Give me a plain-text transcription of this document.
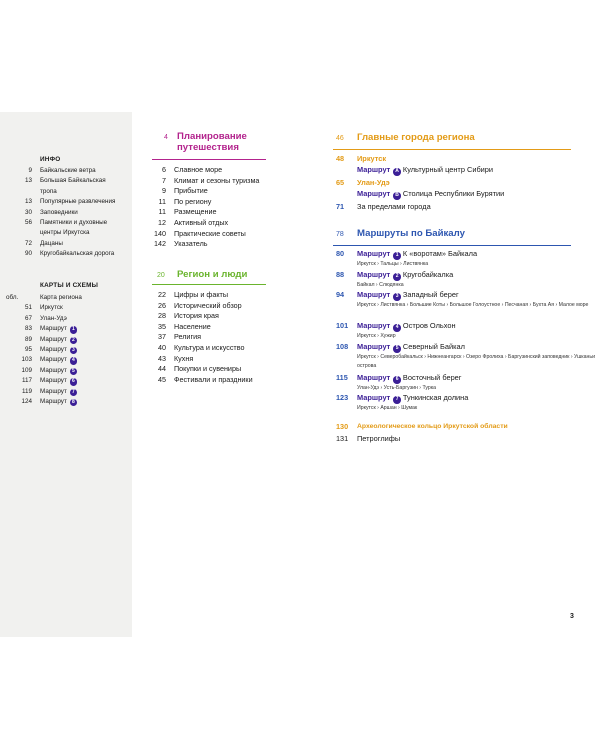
ИНФО
9 Байкальские ветра
13 Большая Байкальская
тропа
13 Популярные развлечения
30 Заповедники
56 Памятники и духовные
центры Иркутска
72 Дацаны
90 Кругобайкальская дорога
КАРТЫ И СХЕМЫ
обл.	Карта региона
51 Иркутск
67 Улан-Удэ
83 Маршрут 1
89 Маршрут 2
95 Маршрут 3
103 Маршрут 4
109 Маршрут 5
117 Маршрут 6
119 Маршрут 7
124 Маршрут 8
4 Планирование
путешествия
6 Славное море
7 Климат и сезоны туризма
9 Прибытие
11 По региону
11 Размещение
12 Активный отдых
140 Практические советы
142 Указатель
20 Регион и люди
22 Цифры и факты
26 Исторический обзор
28 История края
35 Население
37 Религия
40 Культура и искусство
43 Кухня
44 Покупки и сувениры
45 Фестивали и праздники
46 Главные города региона
48 Иркутск
Маршрут A Культурный центр Сибири
65 Улан-Удэ
Маршрут B Столица Республики Бурятии
71 За пределами города
78 Маршруты по Байкалу
80 Маршрут 1 К «воротам» Байкала
Иркутск › Тальцы › Листвянка
88 Маршрут 2 Кругобайкалка
Байкал › Слюдянка
94 Маршрут 3 Западный берег
Иркутск › Листвянка › Большие Коты › Большое Голоустное › Песчаная › Бухта Ая › Малое море
101 Маршрут 4 Остров Ольхон
Иркутск › Хужир
108 Маршрут 5 Северный Байкал
Иркутск › Северобайкальск › Нижнеангарск › Озеро Фролиха › Баргузинский заповедник › Ушканьи острова
115 Маршрут 6 Восточный берег
Улан-Удэ › Усть-Баргузин › Турка
123 Маршрут 7 Тункинская долина
Иркутск › Аршан › Шумак
130 Археологическое кольцо Иркутской области
131 Петроглифы
3
